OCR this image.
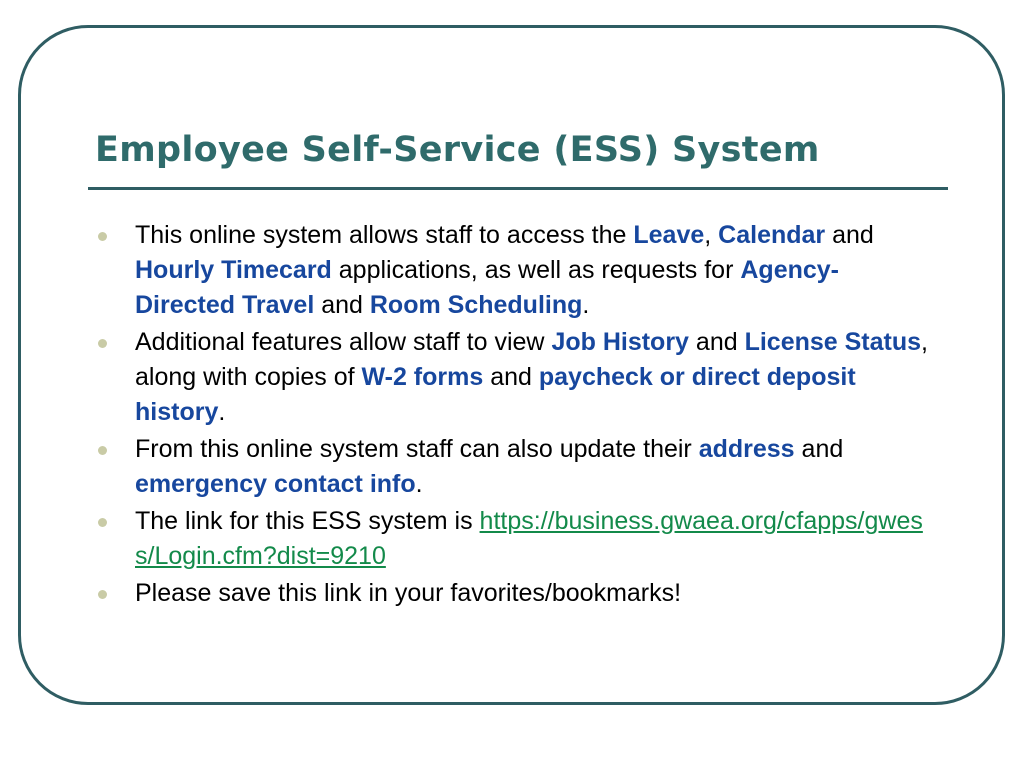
Employee Self-Service (ESS) System
This online system allows staff to access the Leave, Calendar and Hourly Timecard applications, as well as requests for Agency-Directed Travel and Room Scheduling.
Additional features allow staff to view Job History and License Status, along with copies of W-2 forms and paycheck or direct deposit history.
From this online system staff can also update their address and emergency contact info.
The link for this ESS system is https://business.gwaea.org/cfapps/gwess/Login.cfm?dist=9210
Please save this link in your favorites/bookmarks!
